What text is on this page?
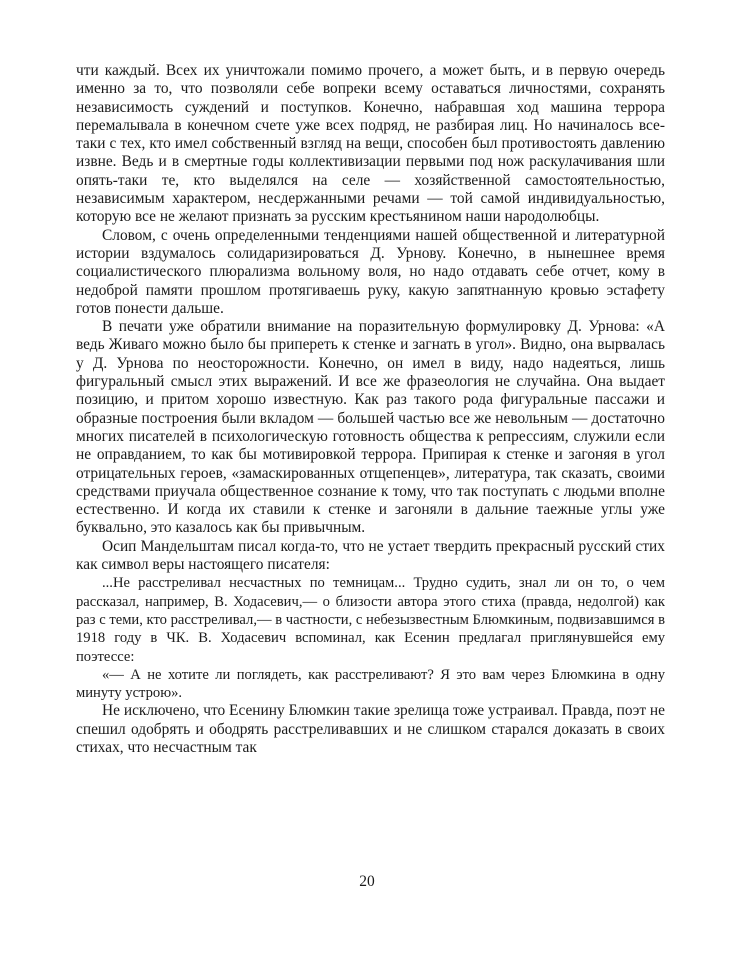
чти каждый. Всех их уничтожали помимо прочего, а может быть, и в первую очередь именно за то, что позволяли себе вопреки всему оставаться личностями, сохранять независимость суждений и поступков. Конечно, набравшая ход машина террора перемалывала в конечном счете уже всех подряд, не разбирая лиц. Но начиналось все-таки с тех, кто имел собственный взгляд на вещи, способен был противостоять давлению извне. Ведь и в смертные годы коллективизации первыми под нож раскулачивания шли опять-таки те, кто выделялся на селе — хозяйственной самостоятельностью, независимым характером, несдержанными речами — той самой индивидуальностью, которую все не желают признать за русским крестьянином наши народолюбцы.

Словом, с очень определенными тенденциями нашей общественной и литературной истории вздумалось солидаризироваться Д. Урнову. Конечно, в нынешнее время социалистического плюрализма вольному воля, но надо отдавать себе отчет, кому в недоброй памяти прошлом протягиваешь руку, какую запятнанную кровью эстафету готов понести дальше.

В печати уже обратили внимание на поразительную формулировку Д. Урнова: «А ведь Живаго можно было бы припереть к стенке и загнать в угол». Видно, она вырвалась у Д. Урнова по неосторожности. Конечно, он имел в виду, надо надеяться, лишь фигуральный смысл этих выражений. И все же фразеология не случайна. Она выдает позицию, и притом хорошо известную. Как раз такого рода фигуральные пассажи и образные построения были вкладом — большей частью все же невольным — достаточно многих писателей в психологическую готовность общества к репрессиям, служили если не оправданием, то как бы мотивировкой террора. Припирая к стенке и загоняя в угол отрицательных героев, «замаскированных отщепенцев», литература, так сказать, своими средствами приучала общественное сознание к тому, что так поступать с людьми вполне естественно. И когда их ставили к стенке и загоняли в дальние таежные углы уже буквально, это казалось как бы привычным.

Осип Мандельштам писал когда-то, что не устает твердить прекрасный русский стих как символ веры настоящего писателя:

...Не расстреливал несчастных по темницам... Трудно судить, знал ли он то, о чем рассказал, например, В. Ходасевич,— о близости автора этого стиха (правда, недолгой) как раз с теми, кто расстреливал,— в частности, с небезызвестным Блюмкиным, подвизавшимся в 1918 году в ЧК. В. Ходасевич вспоминал, как Есенин предлагал приглянувшейся ему поэтессе:

«— А не хотите ли поглядеть, как расстреливают? Я это вам через Блюмкина в одну минуту устрою».

Не исключено, что Есенину Блюмкин такие зрелища тоже устраивал. Правда, поэт не спешил одобрять и ободрять расстреливавших и не слишком старался доказать в своих стихах, что несчастным так

20
